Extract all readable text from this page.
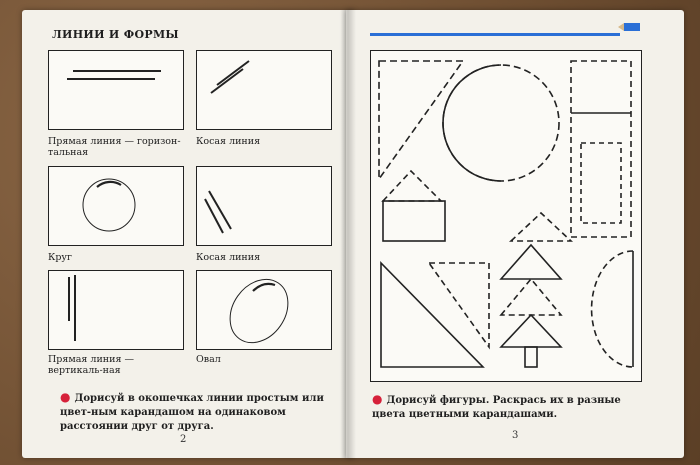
ЛИНИИ И ФОРМЫ
Прямая линия — горизон-тальная
Косая линия
Круг	Косая линия
Прямая линия — вертикаль-ная
Овал
● Дорисуй в окошечках линии простым или цвет-ным карандашом на одинаковом расстоянии друг от друга.
2
● Дорисуй фигуры. Раскрась их в разные цвета цветными карандашами.
3
